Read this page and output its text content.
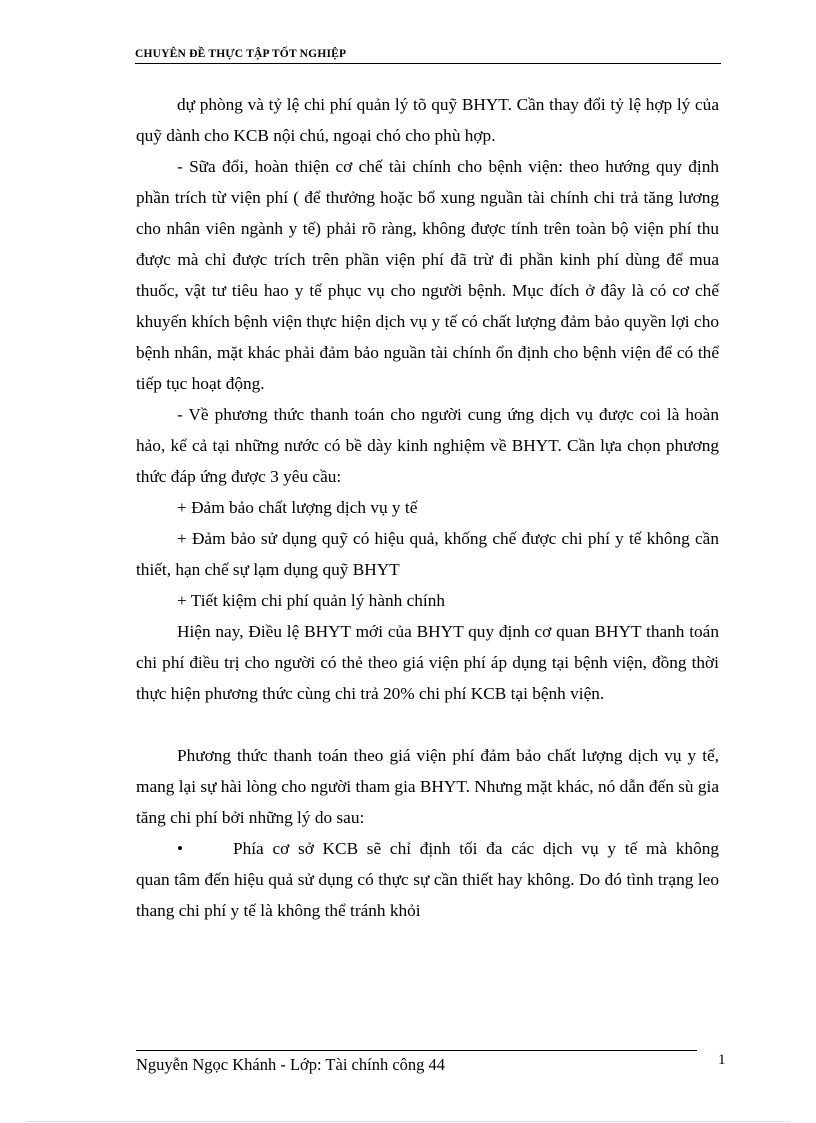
CHUYÊN ĐỀ THỰC TẬP TỐT NGHIỆP

dự phòng và tỷ lệ chi phí quản lý tõ quỹ BHYT. Cần thay đổi tỷ lệ hợp lý của quỹ dành cho KCB nội chú, ngoại chó cho phù hợp.

- Sữa đổi, hoàn thiện cơ chế tài chính cho bệnh viện: theo hướng quy định phần trích từ viện phí ( để thưởng hoặc bổ xung nguần tài chính chi trả tăng lương cho nhân viên ngành y tế) phải rõ ràng, không được tính trên toàn bộ viện phí thu được mà chỉ được trích trên phần viện phí đã trừ đi phần kinh phí dùng để mua thuốc, vật tư tiêu hao y tế phục vụ cho người bệnh. Mục đích ở đây là có cơ chế khuyến khích bệnh viện thực hiện dịch vụ y tế có chất lượng đảm bảo quyền lợi cho bệnh nhân, mặt khác phải đảm bảo nguần tài chính ổn định cho bệnh viện để có thể tiếp tục hoạt động.

- Về phương thức thanh toán cho người cung ứng dịch vụ được coi là hoàn hảo, kể cả tại những nước có bề dày kinh nghiệm về BHYT. Cần lựa chọn phương thức đáp ứng được 3 yêu cầu:

+ Đảm bảo chất lượng dịch vụ y tế

+ Đảm bảo sử dụng quỹ có hiệu quả, khống chế được chi phí y tế không cần thiết, hạn chế sự lạm dụng quỹ BHYT

+ Tiết kiệm chi phí quản lý hành chính

Hiện nay, Điều lệ BHYT mới của BHYT quy định cơ quan BHYT thanh toán chi phí điều trị cho người có thẻ theo giá viện phí áp dụng tại bệnh viện, đồng thời thực hiện phương thức cùng chi trả 20% chi phí KCB tại bệnh viện.

Phương thức thanh toán theo giá viện phí đảm bảo chất lượng dịch vụ y tế, mang lại sự hài lòng cho người tham gia BHYT. Nhưng mặt khác, nó dẫn đến sù gia tăng chi phí bởi những lý do sau:

•	Phía cơ sở KCB sẽ chỉ định tối đa các dịch vụ y tế mà không

quan tâm đến hiệu quả sử dụng có thực sự cần thiết hay không. Do đó tình trạng leo thang chi phí y tế là không thể tránh khỏi

Nguyễn Ngọc Khánh - Lớp: Tài chính công 44	1
